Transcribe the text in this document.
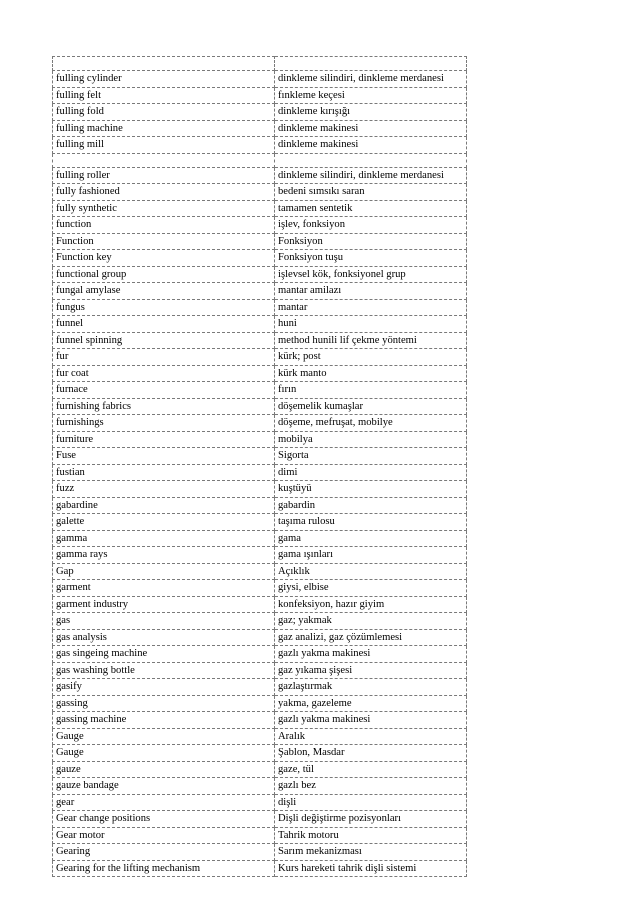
fulling cylinder	dinkleme silindiri, dinkleme merdanesi
fulling felt	fınkleme keçesi
fulling fold	dinkleme kırışığı
fulling machine	dinkleme makinesi
fulling mill	dinkleme makinesi

fulling roller	dinkleme silindiri, dinkleme merdanesi
fully fashioned	bedeni sımsıkı saran
fully synthetic	tamamen sentetik
function	işlev, fonksiyon
Function	Fonksiyon
Function key	Fonksiyon tuşu
functional group	işlevsel kök, fonksiyonel grup
fungal amylase	mantar amilazı
fungus	mantar
funnel	huni
funnel spinning	method hunili lif çekme yöntemi
fur	kürk; post
fur coat	kürk manto
furnace	fırın
furnishing fabrics	döşemelik kumaşlar
furnishings	döşeme, mefruşat, mobilye
furniture	mobilya
Fuse	Sigorta
fustian	dimi
fuzz	kuştüyü
gabardine	gabardin
galette	taşıma rulosu
gamma	gama
gamma rays	gama ışınları
Gap	Açıklık
garment	giysi, elbise
garment industry	konfeksiyon, hazır giyim
gas	gaz; yakmak
gas analysis	gaz analizi, gaz çözümlemesi
gas singeing machine	gazlı yakma makinesi
gas washing bottle	gaz yıkama şişesi
gasify	gazlaştırmak
gassing	yakma, gazeleme
gassing machine	gazlı yakma makinesi
Gauge	Aralık
Gauge	Şablon, Masdar
gauze	gaze, tül
gauze bandage	gazlı bez
gear	dişli
Gear change positions	Dişli değiştirme pozisyonları
Gear motor	Tahrik motoru
Gearing	Sarım mekanizması
Gearing for the lifting mechanism	Kurs hareketi tahrik dişli sistemi
